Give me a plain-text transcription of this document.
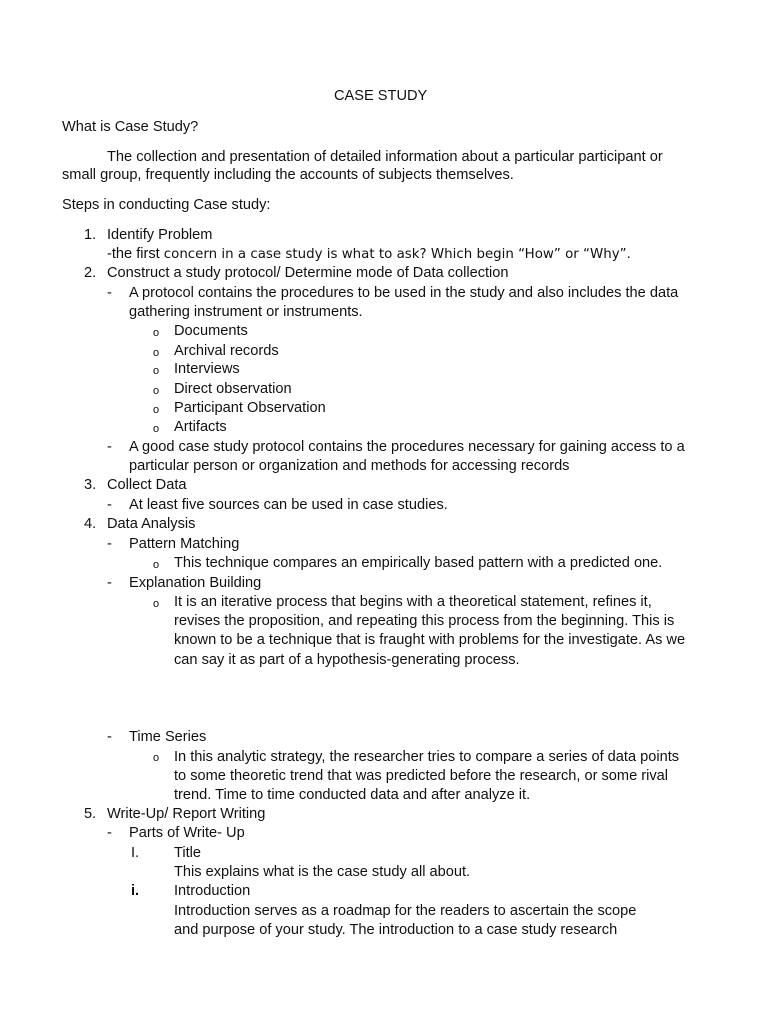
CASE STUDY
What is Case Study?
The collection and presentation of detailed information about a particular participant or
small group, frequently including the accounts of subjects themselves.
Steps in conducting Case study:
1. Identify Problem
-the first concern in a case study is what to ask? Which begin “How” or “Why”.
2. Construct a study protocol/ Determine mode of Data collection
- A protocol contains the procedures to be used in the study and also includes the data
gathering instrument or instruments.
o Documents
o Archival records
o Interviews
o Direct observation
o Participant Observation
o Artifacts
- A good case study protocol contains the procedures necessary for gaining access to a
particular person or organization and methods for accessing records
3. Collect Data
- At least five sources can be used in case studies.
4. Data Analysis
- Pattern Matching
o This technique compares an empirically based pattern with a predicted one.
- Explanation Building
o It is an iterative process that begins with a theoretical statement, refines it,
revises the proposition, and repeating this process from the beginning. This is
known to be a technique that is fraught with problems for the investigate. As we
can say it as part of a hypothesis-generating process.
- Time Series
o In this analytic strategy, the researcher tries to compare a series of data points
to some theoretic trend that was predicted before the research, or some rival
trend. Time to time conducted data and after analyze it.
5. Write-Up/ Report Writing
- Parts of Write- Up
I. Title
This explains what is the case study all about.
i. Introduction
Introduction serves as a roadmap for the readers to ascertain the scope
and purpose of your study. The introduction to a case study research
